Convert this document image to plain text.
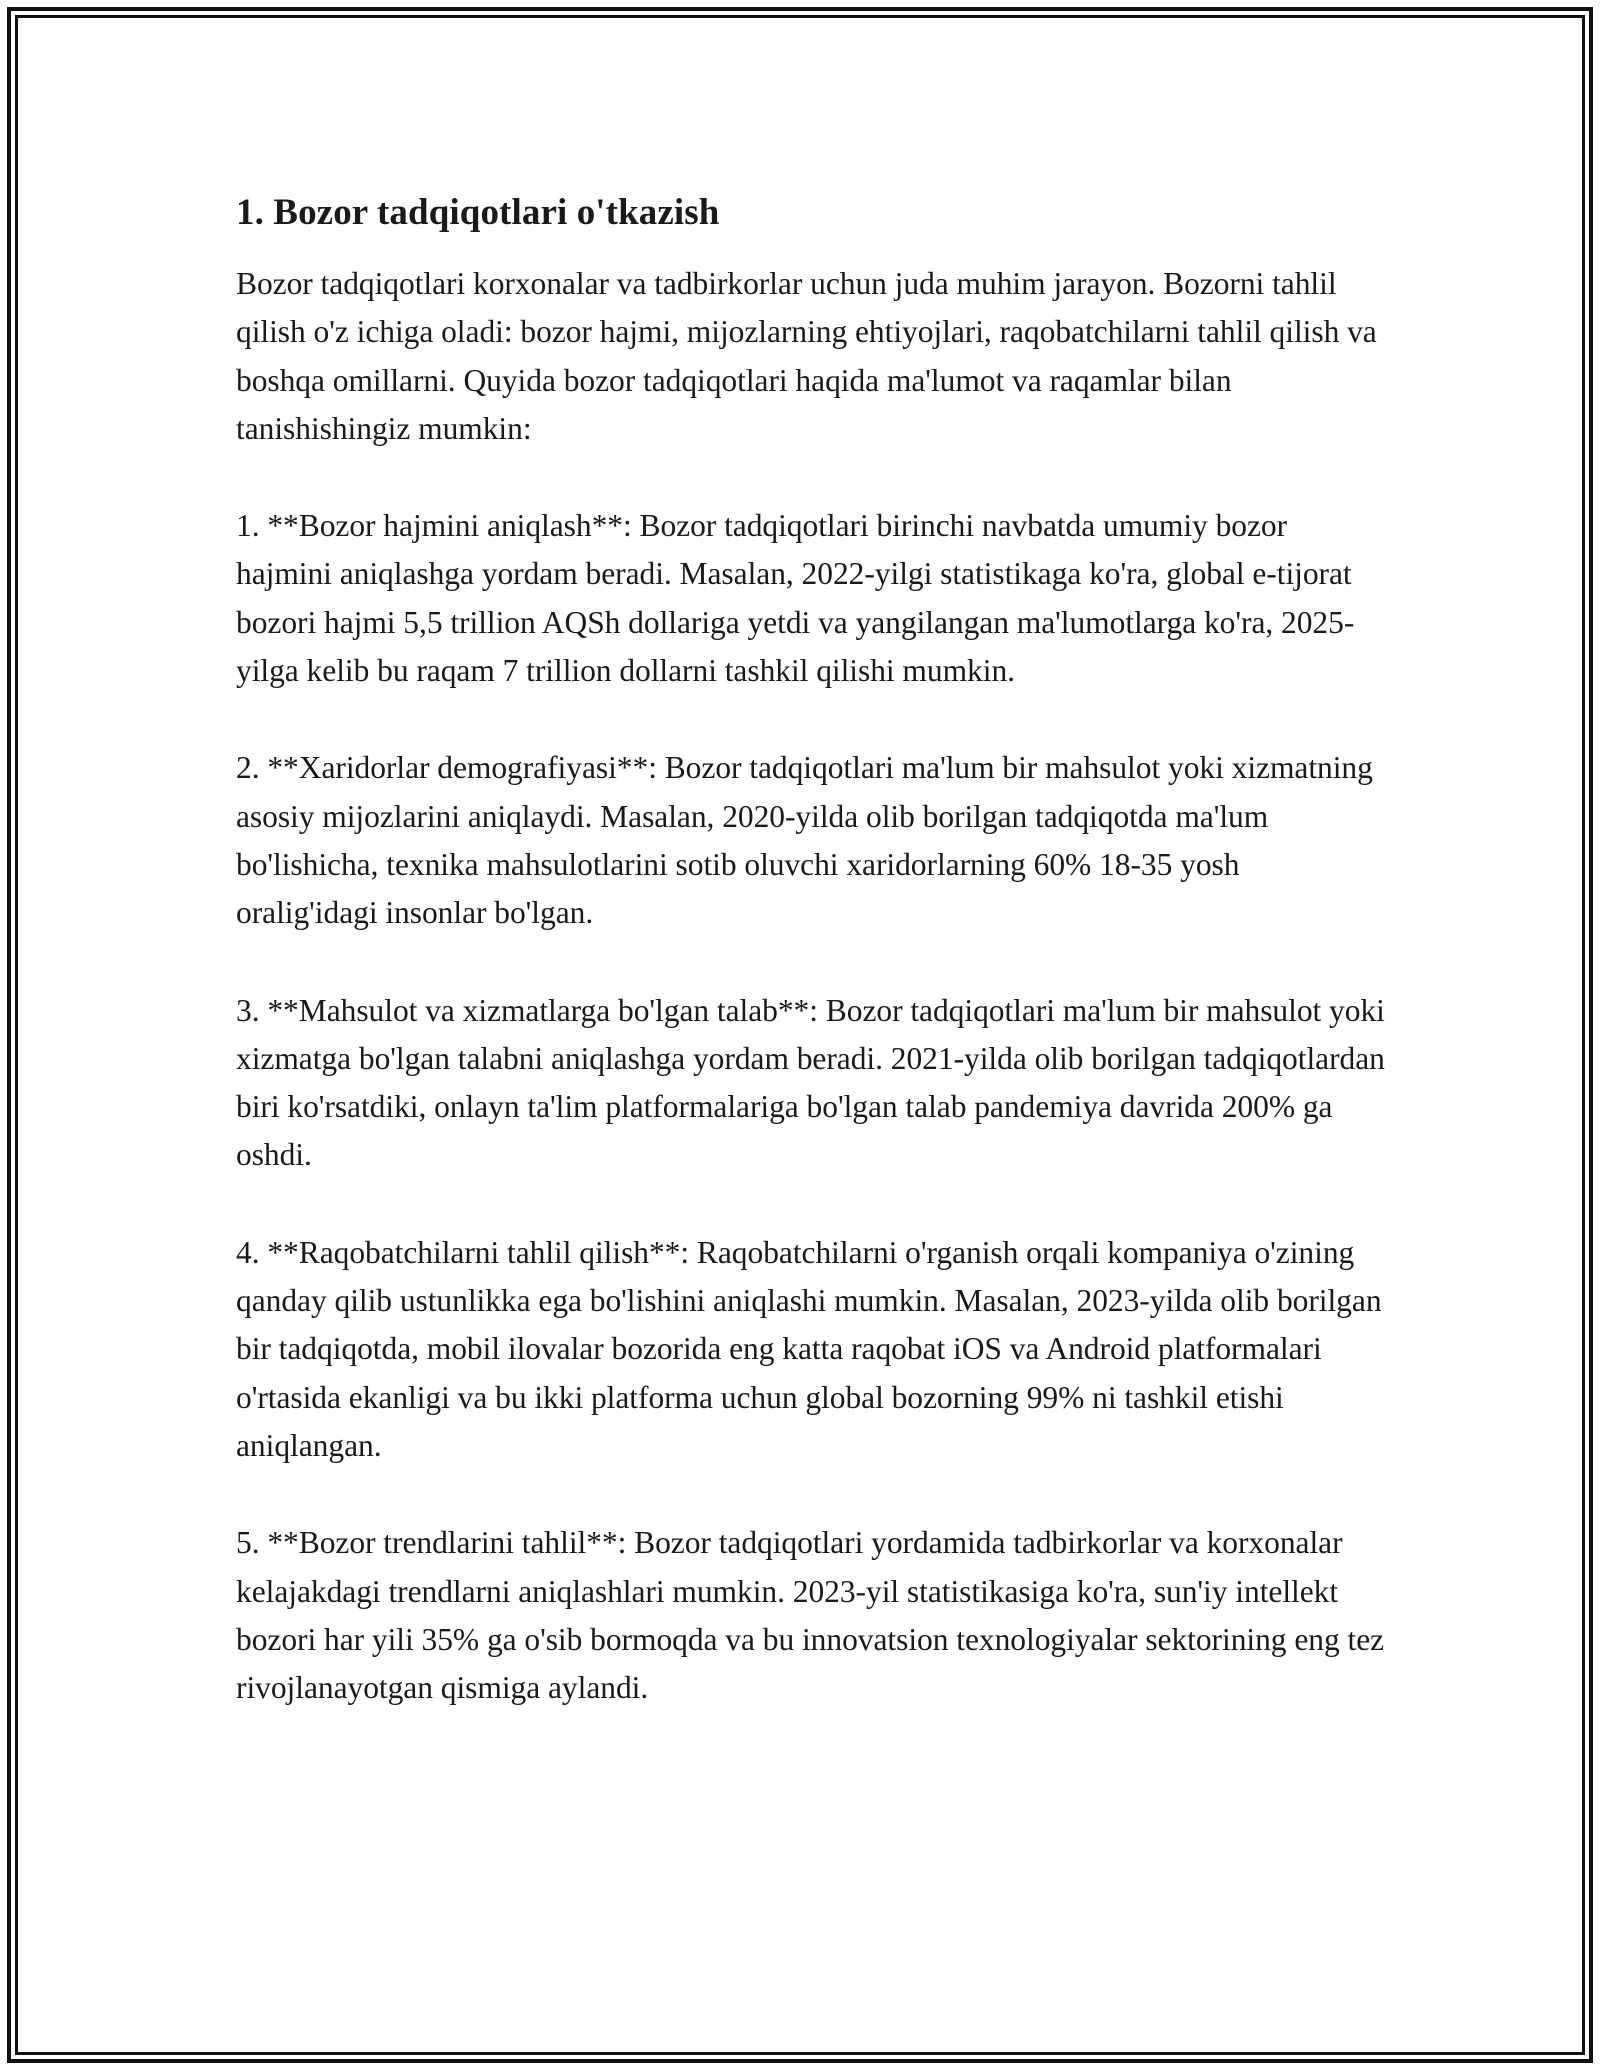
1. Bozor tadqiqotlari o'tkazish

Bozor tadqiqotlari korxonalar va tadbirkorlar uchun juda muhim jarayon. Bozorni tahlil qilish o'z ichiga oladi: bozor hajmi, mijozlarning ehtiyojlari, raqobatchilarni tahlil qilish va boshqa omillarni. Quyida bozor tadqiqotlari haqida ma'lumot va raqamlar bilan tanishishingiz mumkin:

1. **Bozor hajmini aniqlash**: Bozor tadqiqotlari birinchi navbatda umumiy bozor hajmini aniqlashga yordam beradi. Masalan, 2022-yilgi statistikaga ko'ra, global e-tijorat bozori hajmi 5,5 trillion AQSh dollariga yetdi va yangilangan ma'lumotlarga ko'ra, 2025-yilga kelib bu raqam 7 trillion dollarni tashkil qilishi mumkin.

2. **Xaridorlar demografiyasi**: Bozor tadqiqotlari ma'lum bir mahsulot yoki xizmatning asosiy mijozlarini aniqlaydi. Masalan, 2020-yilda olib borilgan tadqiqotda ma'lum bo'lishicha, texnika mahsulotlarini sotib oluvchi xaridorlarning 60% 18-35 yosh oralig'idagi insonlar bo'lgan.

3. **Mahsulot va xizmatlarga bo'lgan talab**: Bozor tadqiqotlari ma'lum bir mahsulot yoki xizmatga bo'lgan talabni aniqlashga yordam beradi. 2021-yilda olib borilgan tadqiqotlardan biri ko'rsatdiki, onlayn ta'lim platformalariga bo'lgan talab pandemiya davrida 200% ga oshdi.

4. **Raqobatchilarni tahlil qilish**: Raqobatchilarni o'rganish orqali kompaniya o'zining qanday qilib ustunlikka ega bo'lishini aniqlashi mumkin. Masalan, 2023-yilda olib borilgan bir tadqiqotda, mobil ilovalar bozorida eng katta raqobat iOS va Android platformalari o'rtasida ekanligi va bu ikki platforma uchun global bozorning 99% ni tashkil etishi aniqlangan.

5. **Bozor trendlarini tahlil**: Bozor tadqiqotlari yordamida tadbirkorlar va korxonalar kelajakdagi trendlarni aniqlashlari mumkin. 2023-yil statistikasiga ko'ra, sun'iy intellekt bozori har yili 35% ga o'sib bormoqda va bu innovatsion texnologiyalar sektorining eng tez rivojlanayotgan qismiga aylandi.
